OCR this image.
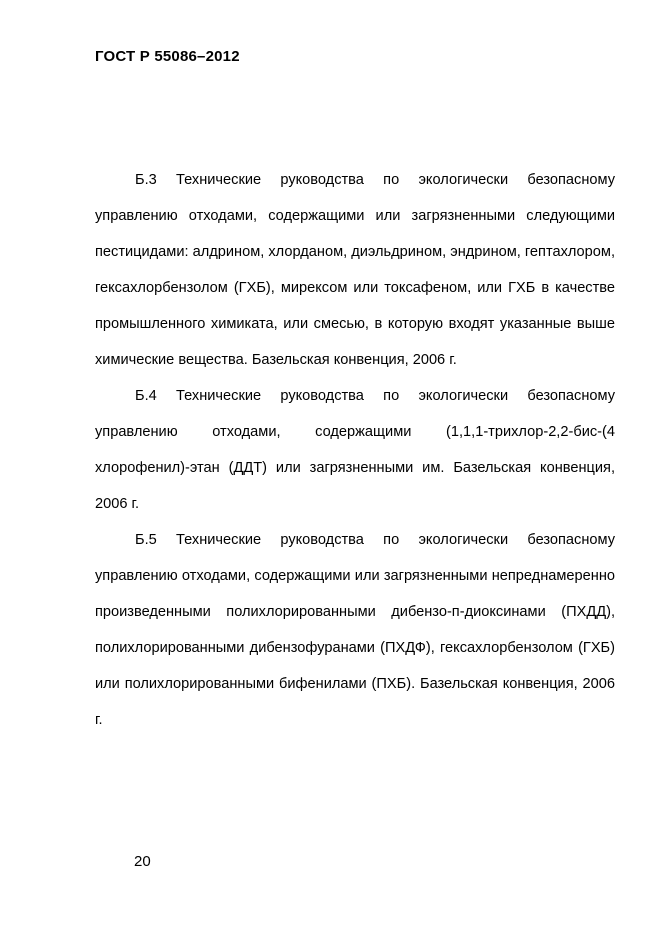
ГОСТ Р 55086–2012

Б.3 Технические руководства по экологически безопасному управлению отходами, содержащими или загрязненными следующими пестицидами: алдрином, хлорданом, диэльдрином, эндрином, гептахлором, гексахлорбензолом (ГХБ), мирексом или токсафеном, или ГХБ в качестве промышленного химиката, или смесью, в которую входят указанные выше химические вещества. Базельская конвенция, 2006 г.

Б.4 Технические руководства по экологически безопасному управлению отходами, содержащими (1,1,1-трихлор-2,2-бис-(4 хлорофенил)-этан (ДДТ) или загрязненными им. Базельская конвенция, 2006 г.

Б.5 Технические руководства по экологически безопасному управлению отходами, содержащими или загрязненными непреднамеренно произведенными полихлорированными дибензо-п-диоксинами (ПХДД), полихлорированными дибензофуранами (ПХДФ), гексахлорбензолом (ГХБ) или полихлорированными бифенилами (ПХБ). Базельская конвенция, 2006 г.

20
